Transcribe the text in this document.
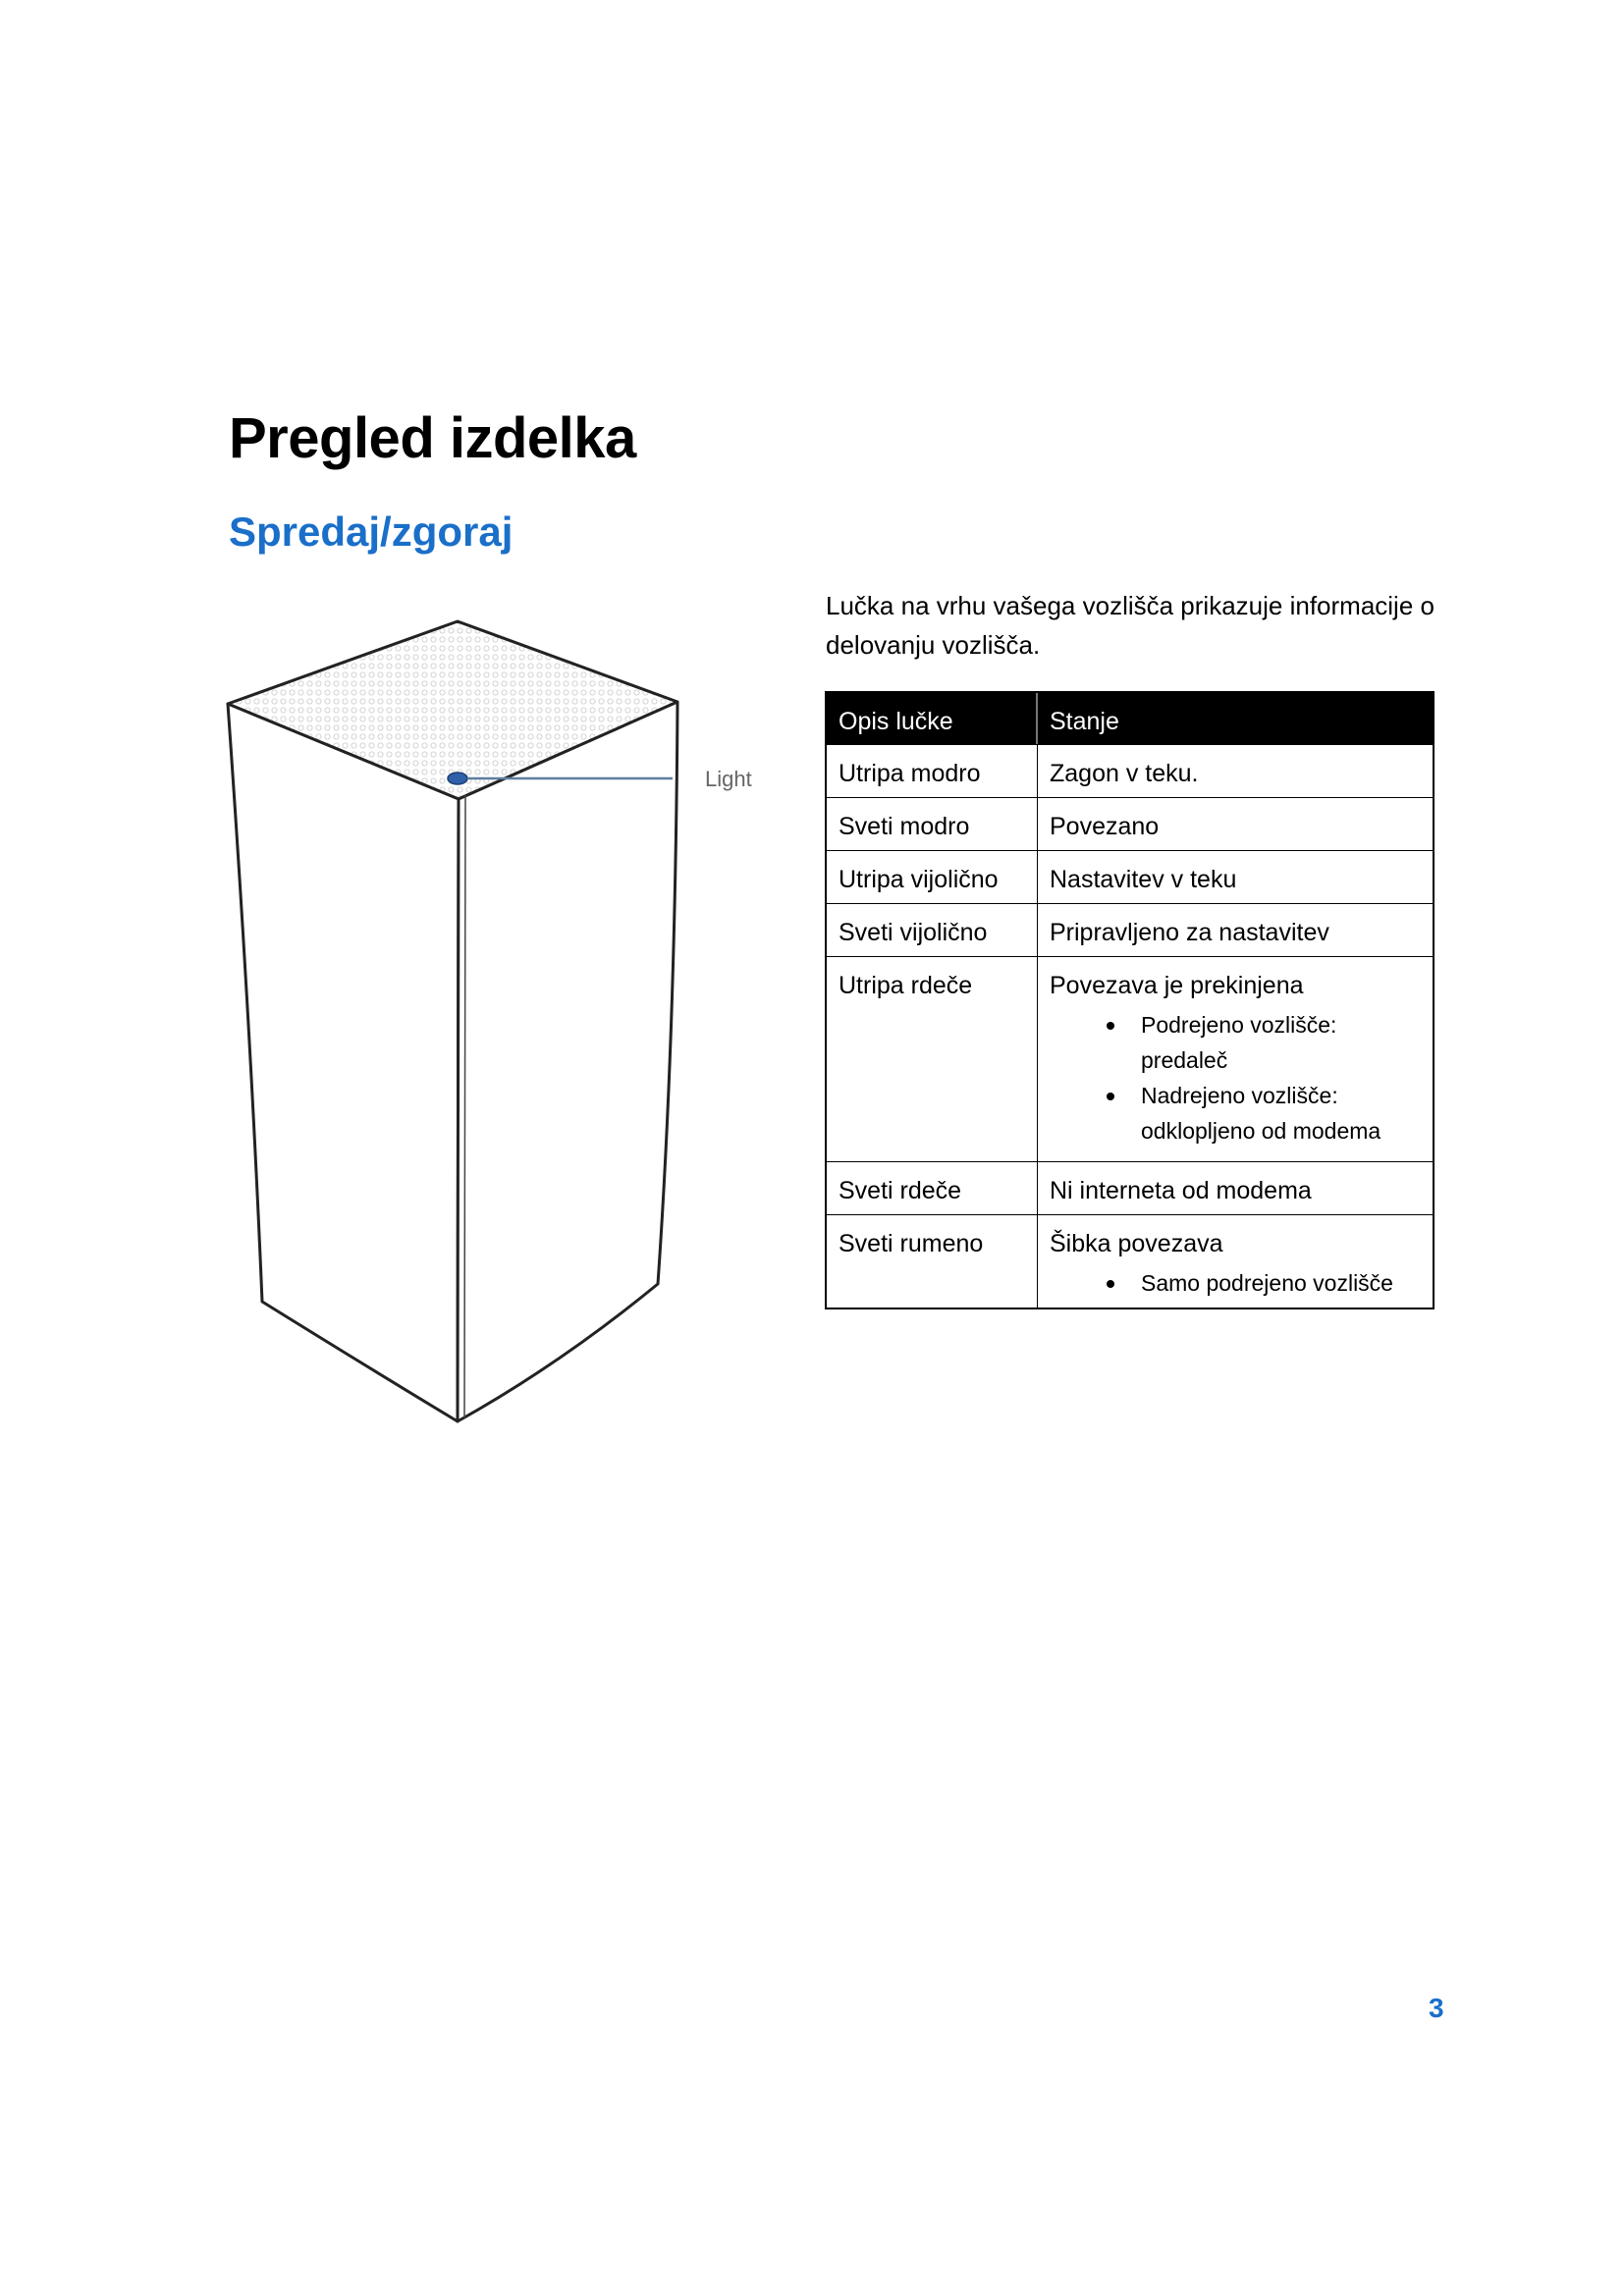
Pregled izdelka
Spredaj/zgoraj
Light

Lučka na vrhu vašega vozlišča prikazuje informacije o delovanju vozlišča.

Opis lučke	Stanje
Utripa modro	Zagon v teku.
Sveti modro	Povezano
Utripa vijolično	Nastavitev v teku
Sveti vijolično	Pripravljeno za nastavitev
Utripa rdeče	Povezava je prekinjena
Podrejeno vozlišče: predaleč
Nadrejeno vozlišče: odklopljeno od modema
Sveti rdeče	Ni interneta od modema
Sveti rumeno	Šibka povezava
Samo podrejeno vozlišče
3
